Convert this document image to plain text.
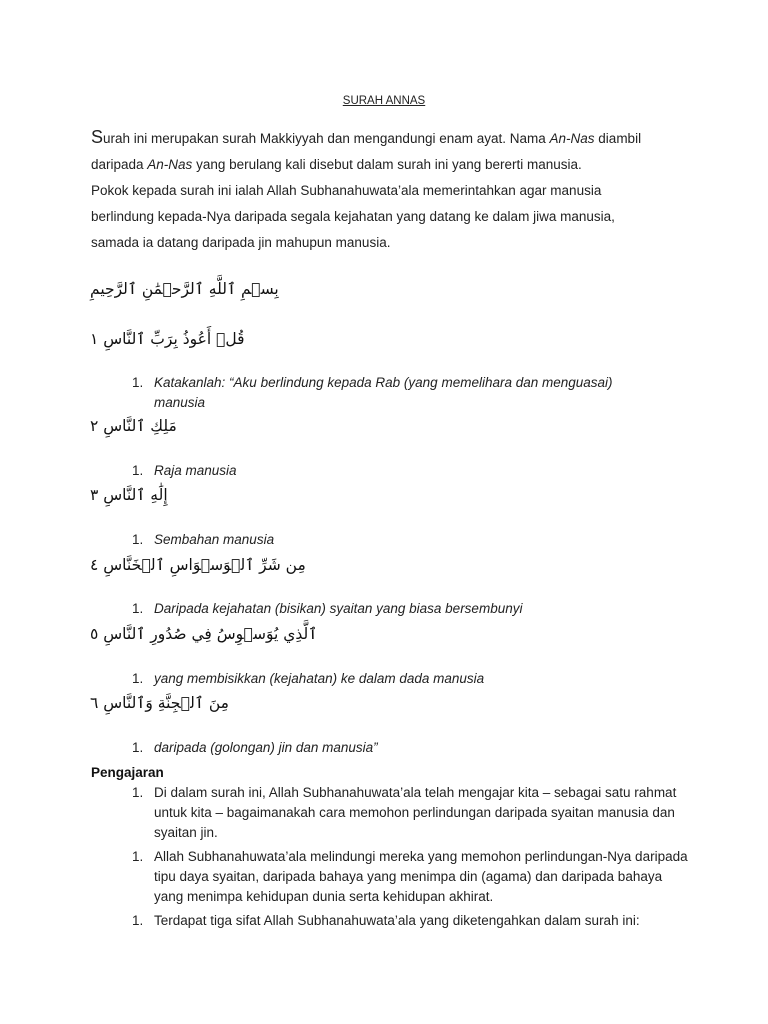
SURAH ANNAS
Surah ini merupakan surah Makkiyyah dan mengandungi enam ayat. Nama An-Nas diambil
daripada An-Nas yang berulang kali disebut dalam surah ini yang bererti manusia.
Pokok kepada surah ini ialah Allah Subhanahuwata’ala memerintahkan agar manusia
berlindung kepada-Nya daripada segala kejahatan yang datang ke dalam jiwa manusia,
samada ia datang daripada jin mahupun manusia.
بِسۡمِ ٱللَّهِ ٱلرَّحۡمَٰنِ ٱلرَّحِيمِ
قُلۡ أَعُوذُ بِرَبِّ ٱلنَّاسِ ١
1. Katakanlah: “Aku berlindung kepada Rab (yang memelihara dan menguasai) manusia
مَلِكِ ٱلنَّاسِ ٢
1. Raja manusia
إِلَٰهِ ٱلنَّاسِ ٣
1. Sembahan manusia
مِن شَرِّ ٱلۡوَسۡوَاسِ ٱلۡخَنَّاسِ ٤
1. Daripada kejahatan (bisikan) syaitan yang biasa bersembunyi
ٱلَّذِي يُوَسۡوِسُ فِي صُدُورِ ٱلنَّاسِ ٥
1. yang membisikkan (kejahatan) ke dalam dada manusia
مِنَ ٱلۡجِنَّةِ وَٱلنَّاسِ ٦
1. daripada (golongan) jin dan manusia”
Pengajaran
1. Di dalam surah ini, Allah Subhanahuwata’ala telah mengajar kita – sebagai satu rahmat untuk kita – bagaimanakah cara memohon perlindungan daripada syaitan manusia dan syaitan jin.
1. Allah Subhanahuwata’ala melindungi mereka yang memohon perlindungan-Nya daripada tipu daya syaitan, daripada bahaya yang menimpa din (agama) dan daripada bahaya yang menimpa kehidupan dunia serta kehidupan akhirat.
1. Terdapat tiga sifat Allah Subhanahuwata’ala yang diketengahkan dalam surah ini:
